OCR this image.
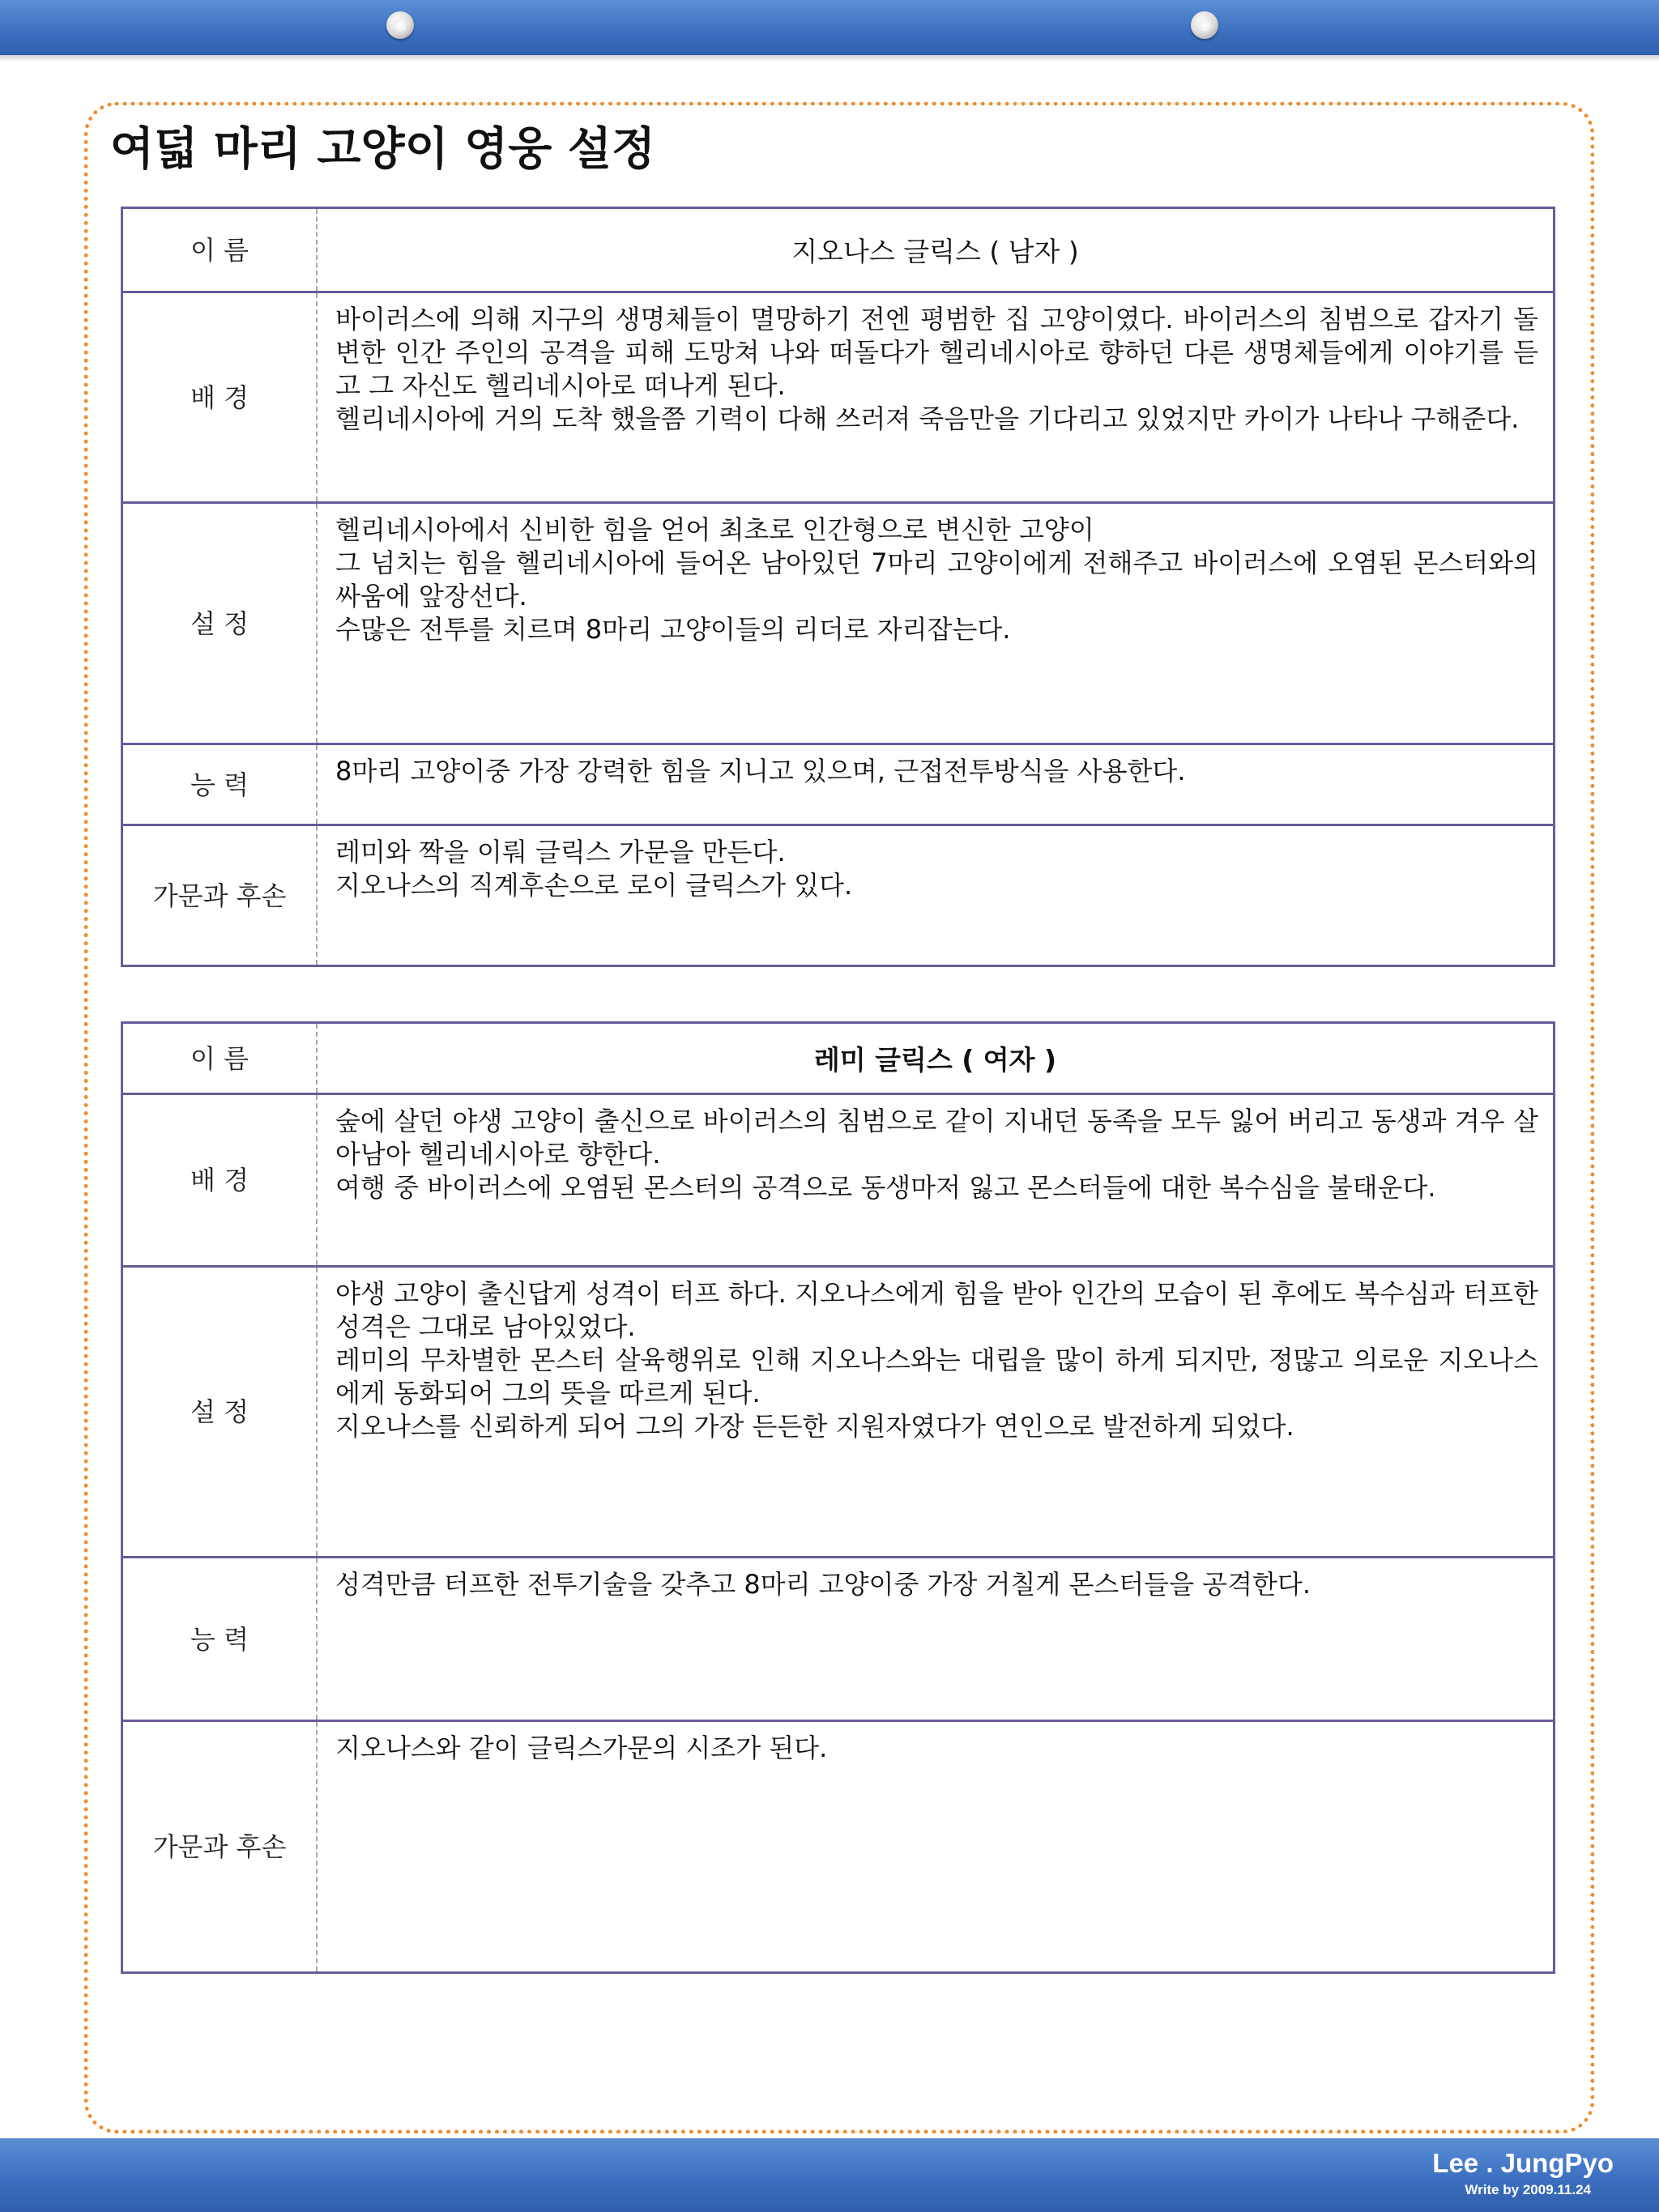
여덟 마리 고양이 영웅 설정
이 름	지오나스 글릭스 ( 남자 )
배 경	바이러스에 의해 지구의 생명체들이 멸망하기 전엔 평범한 집 고양이였다. 바이러스의 침범으로 갑자기 돌변한 인간 주인의 공격을 피해 도망쳐 나와 떠돌다가 헬리네시아로 향하던 다른 생명체들에게 이야기를 듣고 그 자신도 헬리네시아로 떠나게 된다.

헬리네시아에 거의 도착 했을쯤 기력이 다해 쓰러져 죽음만을 기다리고 있었지만 카이가 나타나 구해준다.

설 정	헬리네시아에서 신비한 힘을 얻어 최초로 인간형으로 변신한 고양이

그 넘치는 힘을 헬리네시아에 들어온 남아있던 7마리 고양이에게 전해주고 바이러스에 오염된 몬스터와의 싸움에 앞장선다.

수많은 전투를 치르며 8마리 고양이들의 리더로 자리잡는다.

능 력	8마리 고양이중 가장 강력한 힘을 지니고 있으며, 근접전투방식을 사용한다.

가문과 후손	레미와 짝을 이뤄 글릭스 가문을 만든다.

지오나스의 직계후손으로 로이 글릭스가 있다.

이 름	레미 글릭스 ( 여자 )
배 경	숲에 살던 야생 고양이 출신으로 바이러스의 침범으로 같이 지내던 동족을 모두 잃어 버리고 동생과 겨우 살아남아 헬리네시아로 향한다.

여행 중 바이러스에 오염된 몬스터의 공격으로 동생마저 잃고 몬스터들에 대한 복수심을 불태운다.

설 정	야생 고양이 출신답게 성격이 터프 하다. 지오나스에게 힘을 받아 인간의 모습이 된 후에도 복수심과 터프한 성격은 그대로 남아있었다.

레미의 무차별한 몬스터 살육행위로 인해 지오나스와는 대립을 많이 하게 되지만, 정많고 의로운 지오나스에게 동화되어 그의 뜻을 따르게 된다.

지오나스를 신뢰하게 되어 그의 가장 든든한 지원자였다가 연인으로 발전하게 되었다.

능 력	성격만큼 터프한 전투기술을 갖추고 8마리 고양이중 가장 거칠게 몬스터들을 공격한다.

가문과 후손	지오나스와 같이 글릭스가문의 시조가 된다.

Lee . JungPyo
Write by 2009.11.24
